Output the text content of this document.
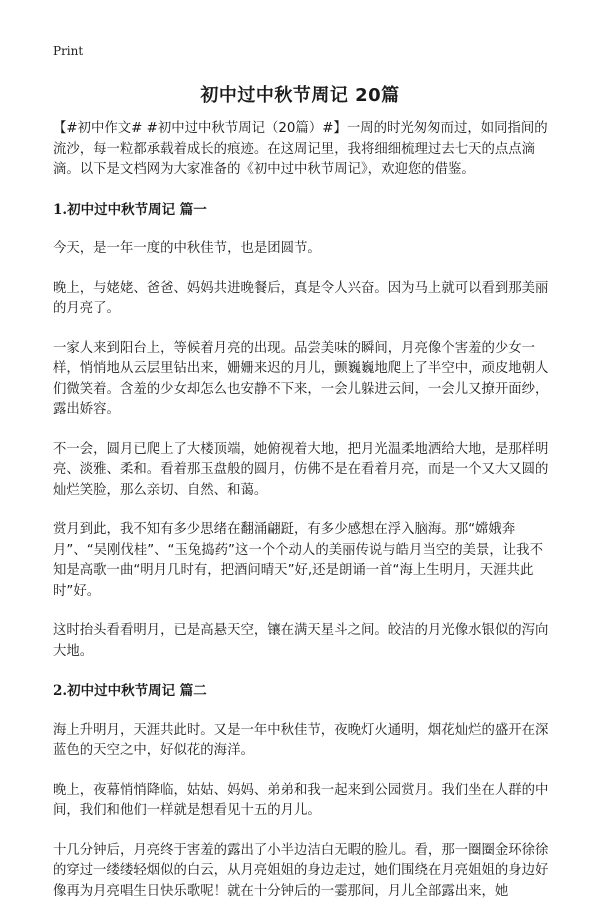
Print
初中过中秋节周记 20篇

【#初中作文# #初中过中秋节周记（20篇）#】一周的时光匆匆而过，如同指间的流沙，每一粒都承载着成长的痕迹。在这周记里，我将细细梳理过去七天的点点滴滴。以下是文档网为大家准备的《初中过中秋节周记》，欢迎您的借鉴。

1.初中过中秋节周记 篇一

今天，是一年一度的中秋佳节，也是团圆节。

晚上，与姥姥、爸爸、妈妈共进晚餐后，真是令人兴奋。因为马上就可以看到那美丽的月亮了。

一家人来到阳台上，等候着月亮的出现。品尝美味的瞬间，月亮像个害羞的少女一样，悄悄地从云层里钻出来，姗姗来迟的月儿，颤巍巍地爬上了半空中，顽皮地朝人们微笑着。含羞的少女却怎么也安静不下来，一会儿躲进云间，一会儿又撩开面纱，露出娇容。

不一会，圆月已爬上了大楼顶端，她俯视着大地，把月光温柔地洒给大地，是那样明亮、淡雅、柔和。看着那玉盘般的圆月，仿佛不是在看着月亮，而是一个又大又圆的灿烂笑脸，那么亲切、自然、和蔼。

赏月到此，我不知有多少思绪在翻涌翩跹，有多少感想在浮入脑海。那“嫦娥奔月”、“吴刚伐桂”、“玉兔捣药”这一个个动人的美丽传说与皓月当空的美景，让我不知是高歌一曲“明月几时有，把酒问晴天”好,还是朗诵一首“海上生明月，天涯共此时”好。

这时抬头看看明月，已是高悬天空，镶在满天星斗之间。皎洁的月光像水银似的泻向大地。

2.初中过中秋节周记 篇二

海上升明月，天涯共此时。又是一年中秋佳节，夜晚灯火通明，烟花灿烂的盛开在深蓝色的天空之中，好似花的海洋。

晚上，夜幕悄悄降临，姑姑、妈妈、弟弟和我一起来到公园赏月。我们坐在人群的中间，我们和他们一样就是想看见十五的月儿。

十几分钟后，月亮终于害羞的露出了小半边洁白无暇的脸儿。看，那一圈圈金环徐徐的穿过一缕缕轻烟似的白云，从月亮姐姐的身边走过，她们围绕在月亮姐姐的身边好像再为月亮唱生日快乐歌呢！就在十分钟后的一霎那间，月儿全部露出来，她
